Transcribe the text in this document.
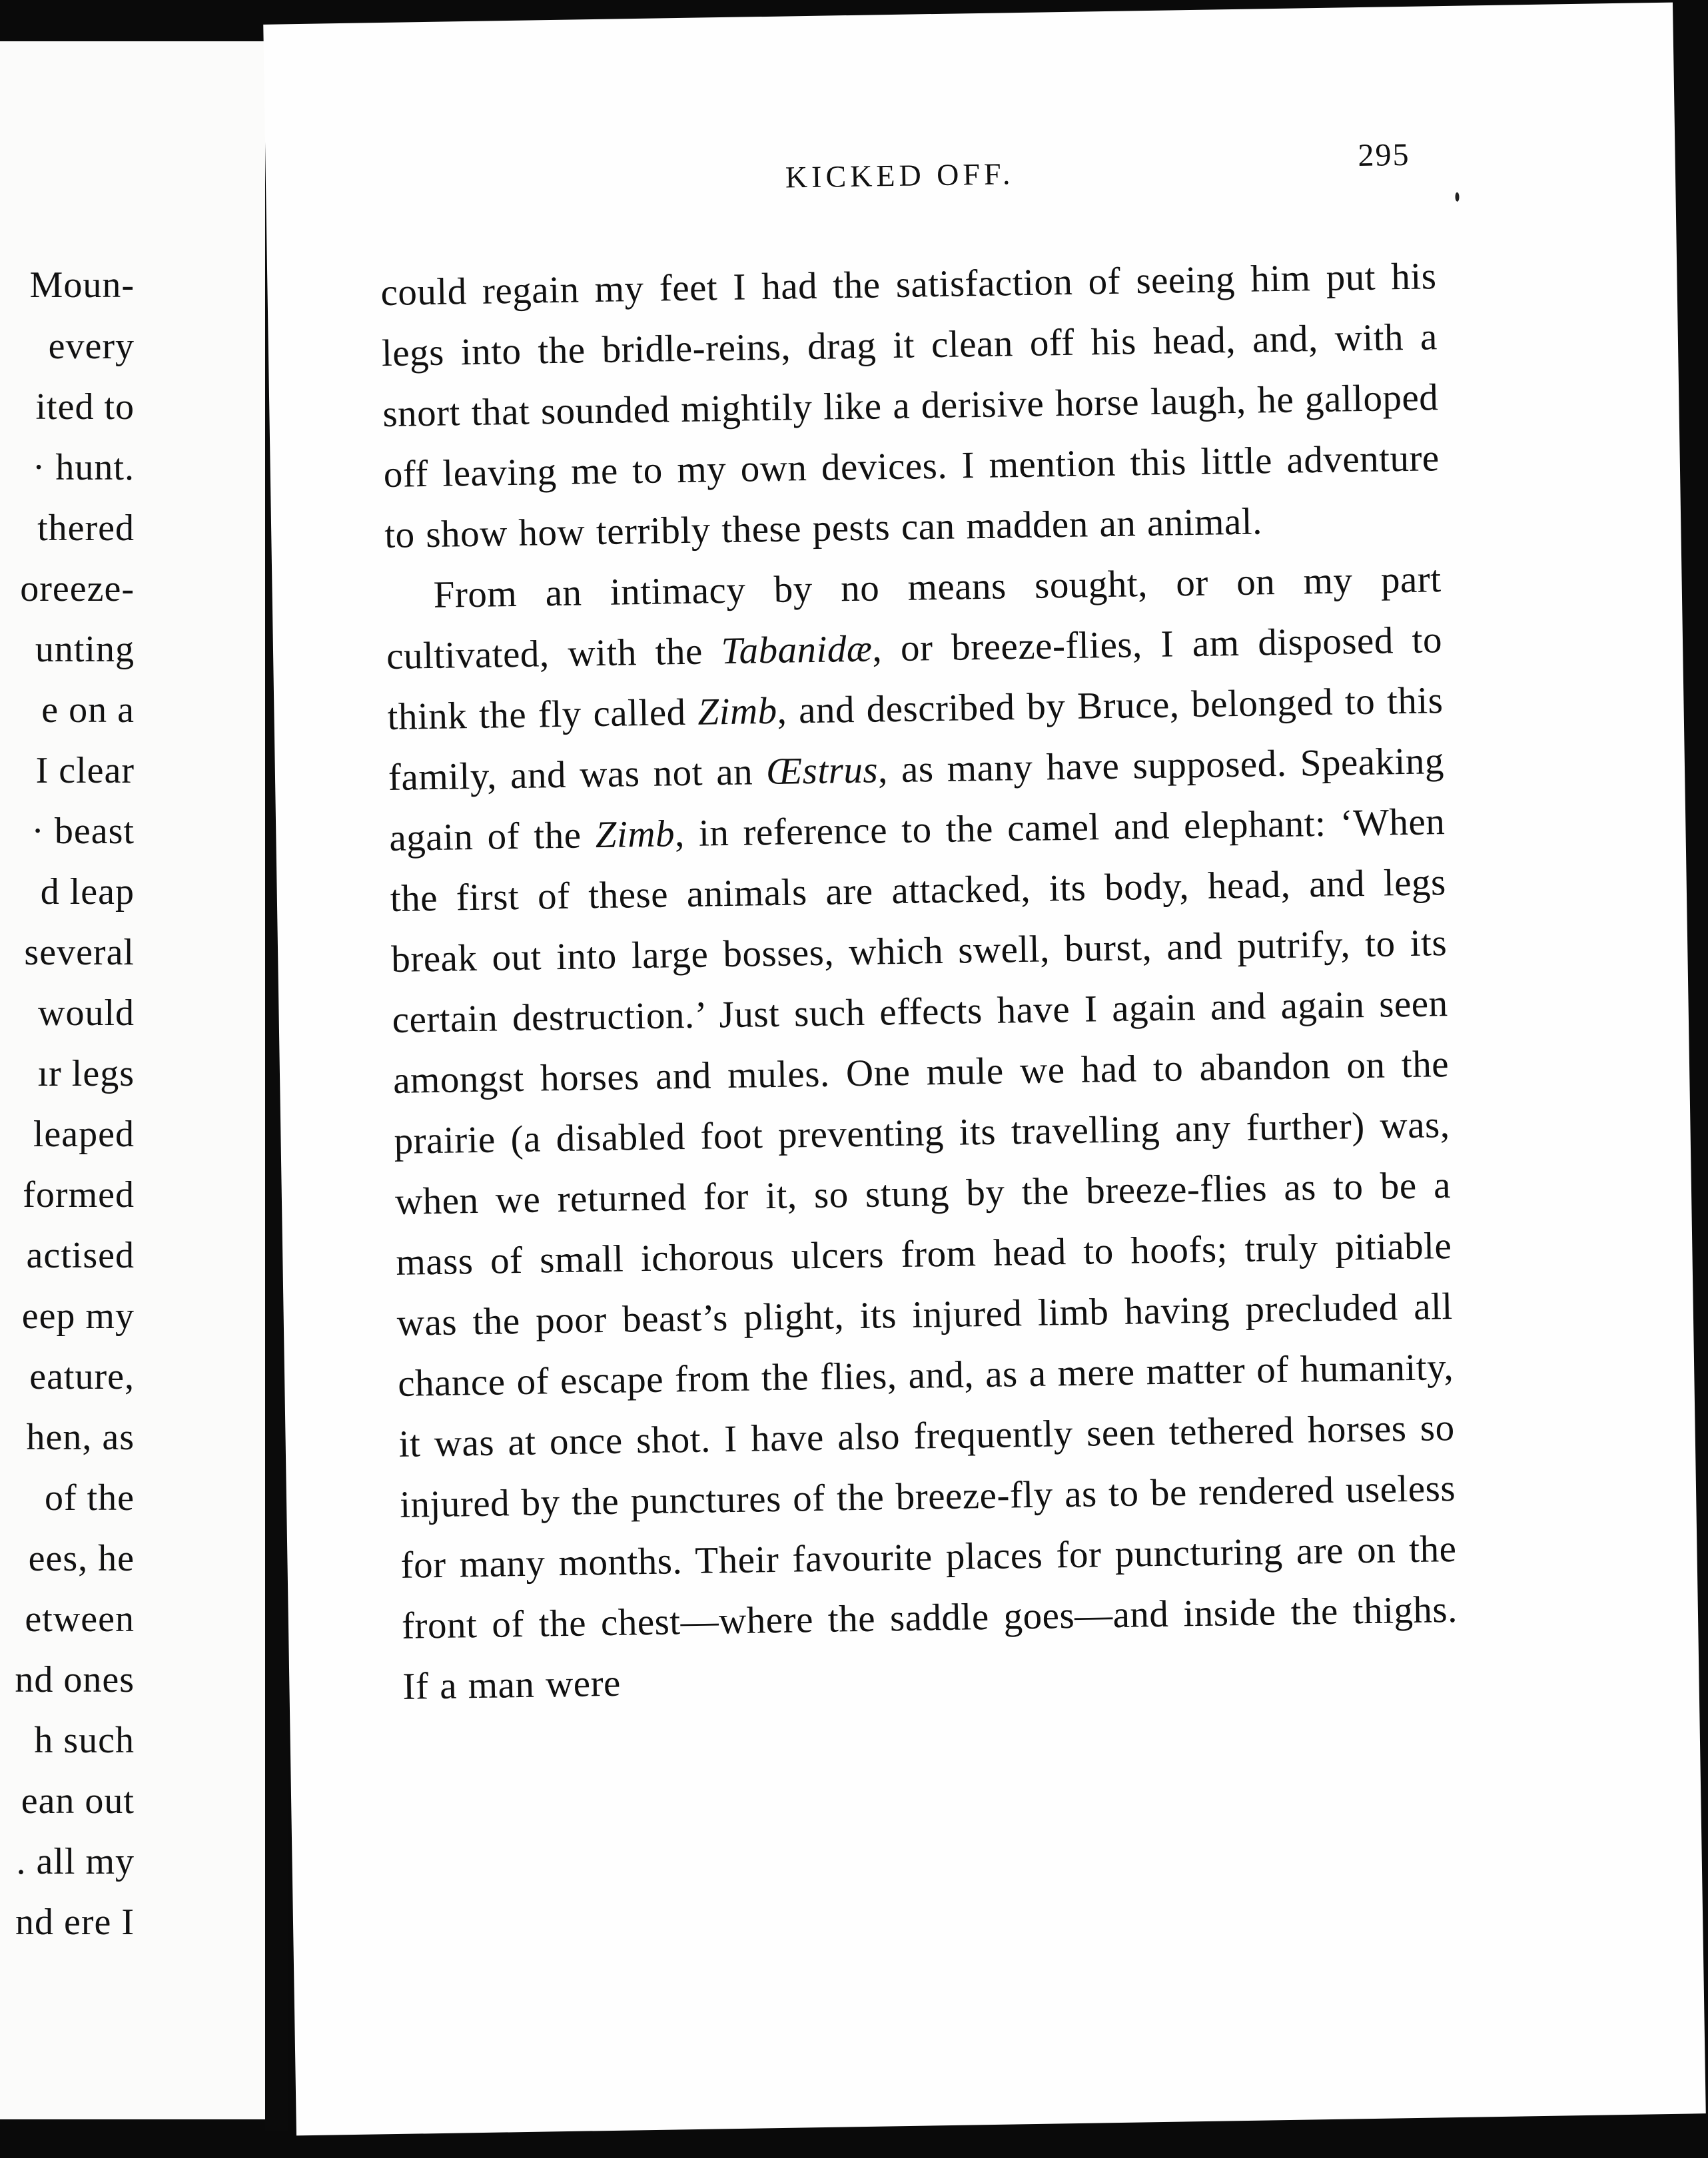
Moun-
every
ited to
· hunt.
thered
oreeze-
unting
e on a
I clear
· beast
d leap
several
would
ır legs
leaped
formed
actised
eep my
eature,
hen, as
of the
ees, he
etween
nd ones
h such
ean out
. all my
nd ere I
KICKED OFF.
295

could regain my feet I had the satisfaction of seeing him put his legs into the bridle-reins, drag it clean off his head, and, with a snort that sounded mightily like a derisive horse laugh, he galloped off leaving me to my own devices. I mention this little adventure to show how terribly these pests can madden an animal.

From an intimacy by no means sought, or on my part cultivated, with the Tabanidæ, or breeze-flies, I am disposed to think the fly called Zimb, and described by Bruce, belonged to this family, and was not an Œstrus, as many have supposed. Speaking again of the Zimb, in reference to the camel and elephant: ‘When the first of these animals are attacked, its body, head, and legs break out into large bosses, which swell, burst, and putrify, to its certain destruction.’ Just such effects have I again and again seen amongst horses and mules. One mule we had to abandon on the prairie (a disabled foot preventing its travelling any further) was, when we returned for it, so stung by the breeze-flies as to be a mass of small ichorous ulcers from head to hoofs; truly pitiable was the poor beast’s plight, its injured limb having precluded all chance of escape from the flies, and, as a mere matter of humanity, it was at once shot. I have also frequently seen tethered horses so injured by the punctures of the breeze-fly as to be rendered useless for many months. Their favourite places for puncturing are on the front of the chest—where the saddle goes—and inside the thighs. If a man were
